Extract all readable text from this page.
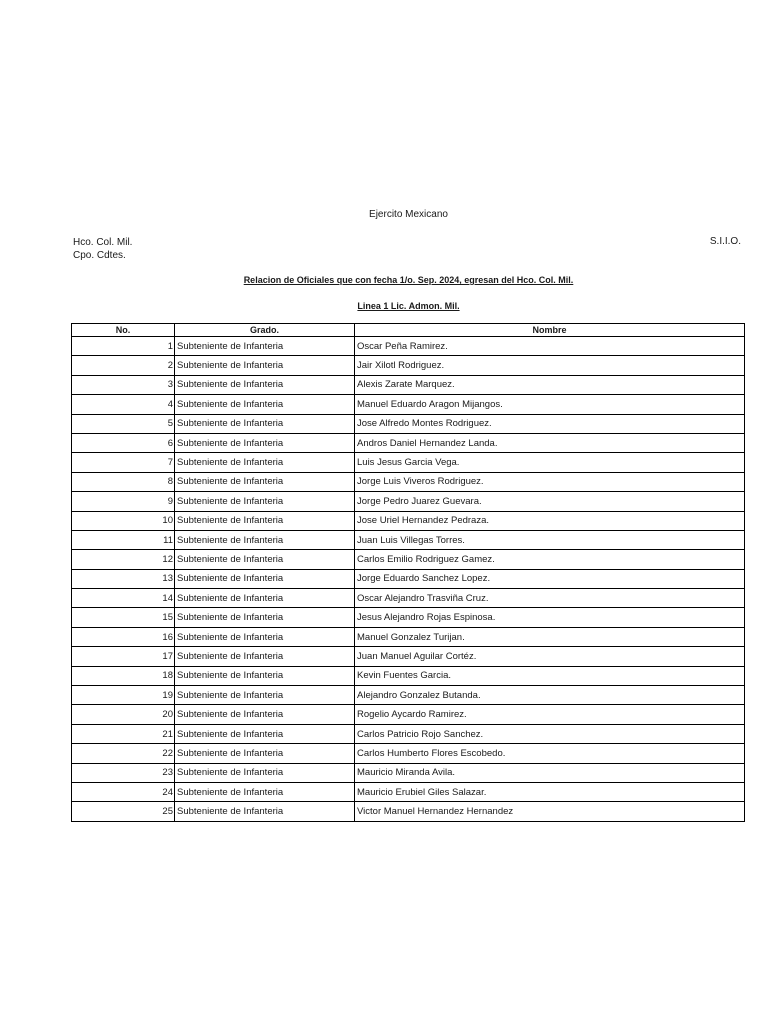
Ejercito Mexicano
Hco. Col. Mil.
Cpo. Cdtes.
S.I.I.O.
Relacion de Oficiales que con fecha 1/o. Sep. 2024, egresan del Hco. Col. Mil.
Linea 1 Lic. Admon. Mil.
No.	Grado.	Nombre
1	Subteniente de Infanteria	Oscar Peña Ramirez.
2	Subteniente de Infanteria	Jair Xilotl Rodriguez.
3	Subteniente de Infanteria	Alexis Zarate Marquez.
4	Subteniente de Infanteria	Manuel Eduardo Aragon Mijangos.
5	Subteniente de Infanteria	Jose Alfredo Montes Rodriguez.
6	Subteniente de Infanteria	Andros Daniel Hernandez Landa.
7	Subteniente de Infanteria	Luis Jesus Garcia Vega.
8	Subteniente de Infanteria	Jorge Luis Viveros Rodriguez.
9	Subteniente de Infanteria	Jorge Pedro Juarez Guevara.
10	Subteniente de Infanteria	Jose Uriel Hernandez Pedraza.
11	Subteniente de Infanteria	Juan Luis Villegas Torres.
12	Subteniente de Infanteria	Carlos Emilio Rodriguez Gamez.
13	Subteniente de Infanteria	Jorge Eduardo Sanchez Lopez.
14	Subteniente de Infanteria	Oscar Alejandro Trasviña Cruz.
15	Subteniente de Infanteria	Jesus Alejandro Rojas Espinosa.
16	Subteniente de Infanteria	Manuel Gonzalez Turijan.
17	Subteniente de Infanteria	Juan Manuel Aguilar Cortéz.
18	Subteniente de Infanteria	Kevin Fuentes Garcia.
19	Subteniente de Infanteria	Alejandro Gonzalez Butanda.
20	Subteniente de Infanteria	Rogelio Aycardo Ramirez.
21	Subteniente de Infanteria	Carlos Patricio Rojo Sanchez.
22	Subteniente de Infanteria	Carlos Humberto Flores Escobedo.
23	Subteniente de Infanteria	Mauricio Miranda Avila.
24	Subteniente de Infanteria	Mauricio Erubiel Giles Salazar.
25	Subteniente de Infanteria	Victor Manuel Hernandez Hernandez
